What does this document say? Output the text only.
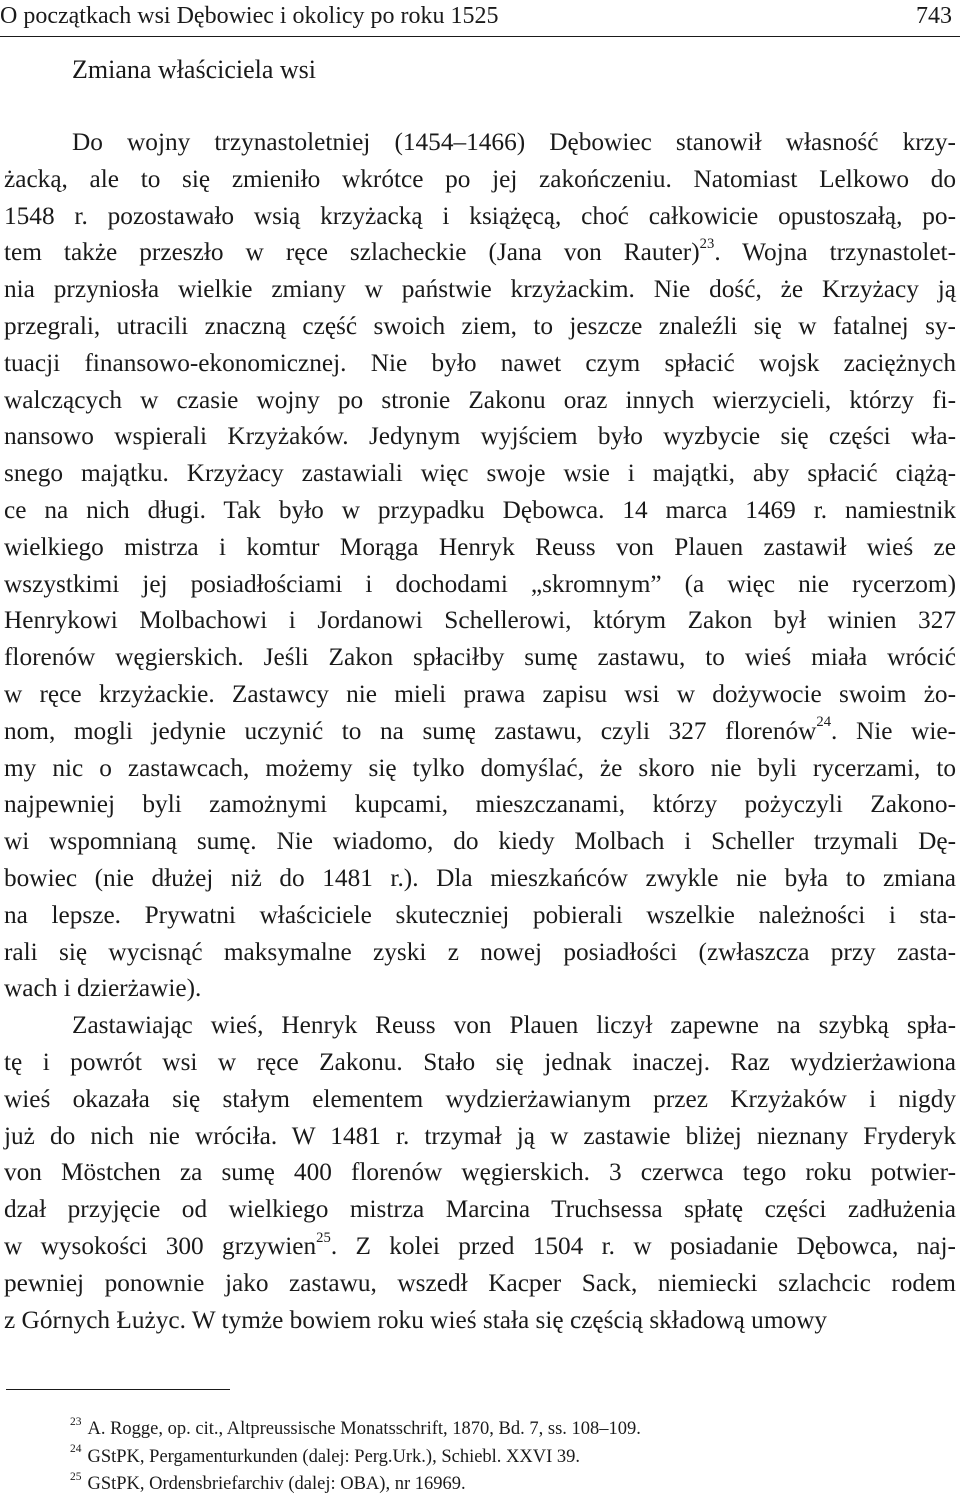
O początkach wsi Dębowiec i okolicy po roku 1525	743
Zmiana właściciela wsi
Do wojny trzynastoletniej (1454–1466) Dębowiec stanowił własność krzy-
żacką, ale to się zmieniło wkrótce po jej zakończeniu. Natomiast Lelkowo do
1548 r. pozostawało wsią krzyżacką i książęcą, choć całkowicie opustoszałą, po-
tem także przeszło w ręce szlacheckie (Jana von Rauter)$^{23}$. Wojna trzynastolet-
nia przyniosła wielkie zmiany w państwie krzyżackim. Nie dość, że Krzyżacy ją
przegrali, utracili znaczną część swoich ziem, to jeszcze znaleźli się w fatalnej sy-
tuacji finansowo-ekonomicznej. Nie było nawet czym spłacić wojsk zaciężnych
walczących w czasie wojny po stronie Zakonu oraz innych wierzycieli, którzy fi-
nansowo wspierali Krzyżaków. Jedynym wyjściem było wyzbycie się części wła-
snego majątku. Krzyżacy zastawiali więc swoje wsie i majątki, aby spłacić ciążą-
ce na nich długi. Tak było w przypadku Dębowca. 14 marca 1469 r. namiestnik
wielkiego mistrza i komtur Morąga Henryk Reuss von Plauen zastawił wieś ze
wszystkimi jej posiadłościami i dochodami „skromnym” (a więc nie rycerzom)
Henrykowi Molbachowi i Jordanowi Schellerowi, którym Zakon był winien 327
florenów węgierskich. Jeśli Zakon spłaciłby sumę zastawu, to wieś miała wrócić
w ręce krzyżackie. Zastawcy nie mieli prawa zapisu wsi w dożywocie swoim żo-
nom, mogli jedynie uczynić to na sumę zastawu, czyli 327 florenów$^{24}$. Nie wie-
my nic o zastawcach, możemy się tylko domyślać, że skoro nie byli rycerzami, to
najpewniej byli zamożnymi kupcami, mieszczanami, którzy pożyczyli Zakono-
wi wspomnianą sumę. Nie wiadomo, do kiedy Molbach i Scheller trzymali Dę-
bowiec (nie dłużej niż do 1481 r.). Dla mieszkańców zwykle nie była to zmiana
na lepsze. Prywatni właściciele skuteczniej pobierali wszelkie należności i sta-
rali się wycisnąć maksymalne zyski z nowej posiadłości (zwłaszcza przy zasta-
wach i dzierżawie).
Zastawiając wieś, Henryk Reuss von Plauen liczył zapewne na szybką spła-
tę i powrót wsi w ręce Zakonu. Stało się jednak inaczej. Raz wydzierżawiona
wieś okazała się stałym elementem wydzierżawianym przez Krzyżaków i nigdy
już do nich nie wróciła. W 1481 r. trzymał ją w zastawie bliżej nieznany Fryderyk
von Möstchen za sumę 400 florenów węgierskich. 3 czerwca tego roku potwier-
dzał przyjęcie od wielkiego mistrza Marcina Truchsessa spłatę części zadłużenia
w wysokości 300 grzywien$^{25}$. Z kolei przed 1504 r. w posiadanie Dębowca, naj-
pewniej ponownie jako zastawu, wszedł Kacper Sack, niemiecki szlachcic rodem
z Górnych Łużyc. W tymże bowiem roku wieś stała się częścią składową umowy
$^{23}$ A. Rogge, op. cit., Altpreussische Monatsschrift, 1870, Bd. 7, ss. 108–109.
$^{24}$ GStPK, Pergamenturkunden (dalej: Perg.Urk.), Schiebl. XXVI 39.
$^{25}$ GStPK, Ordensbriefarchiv (dalej: OBA), nr 16969.
